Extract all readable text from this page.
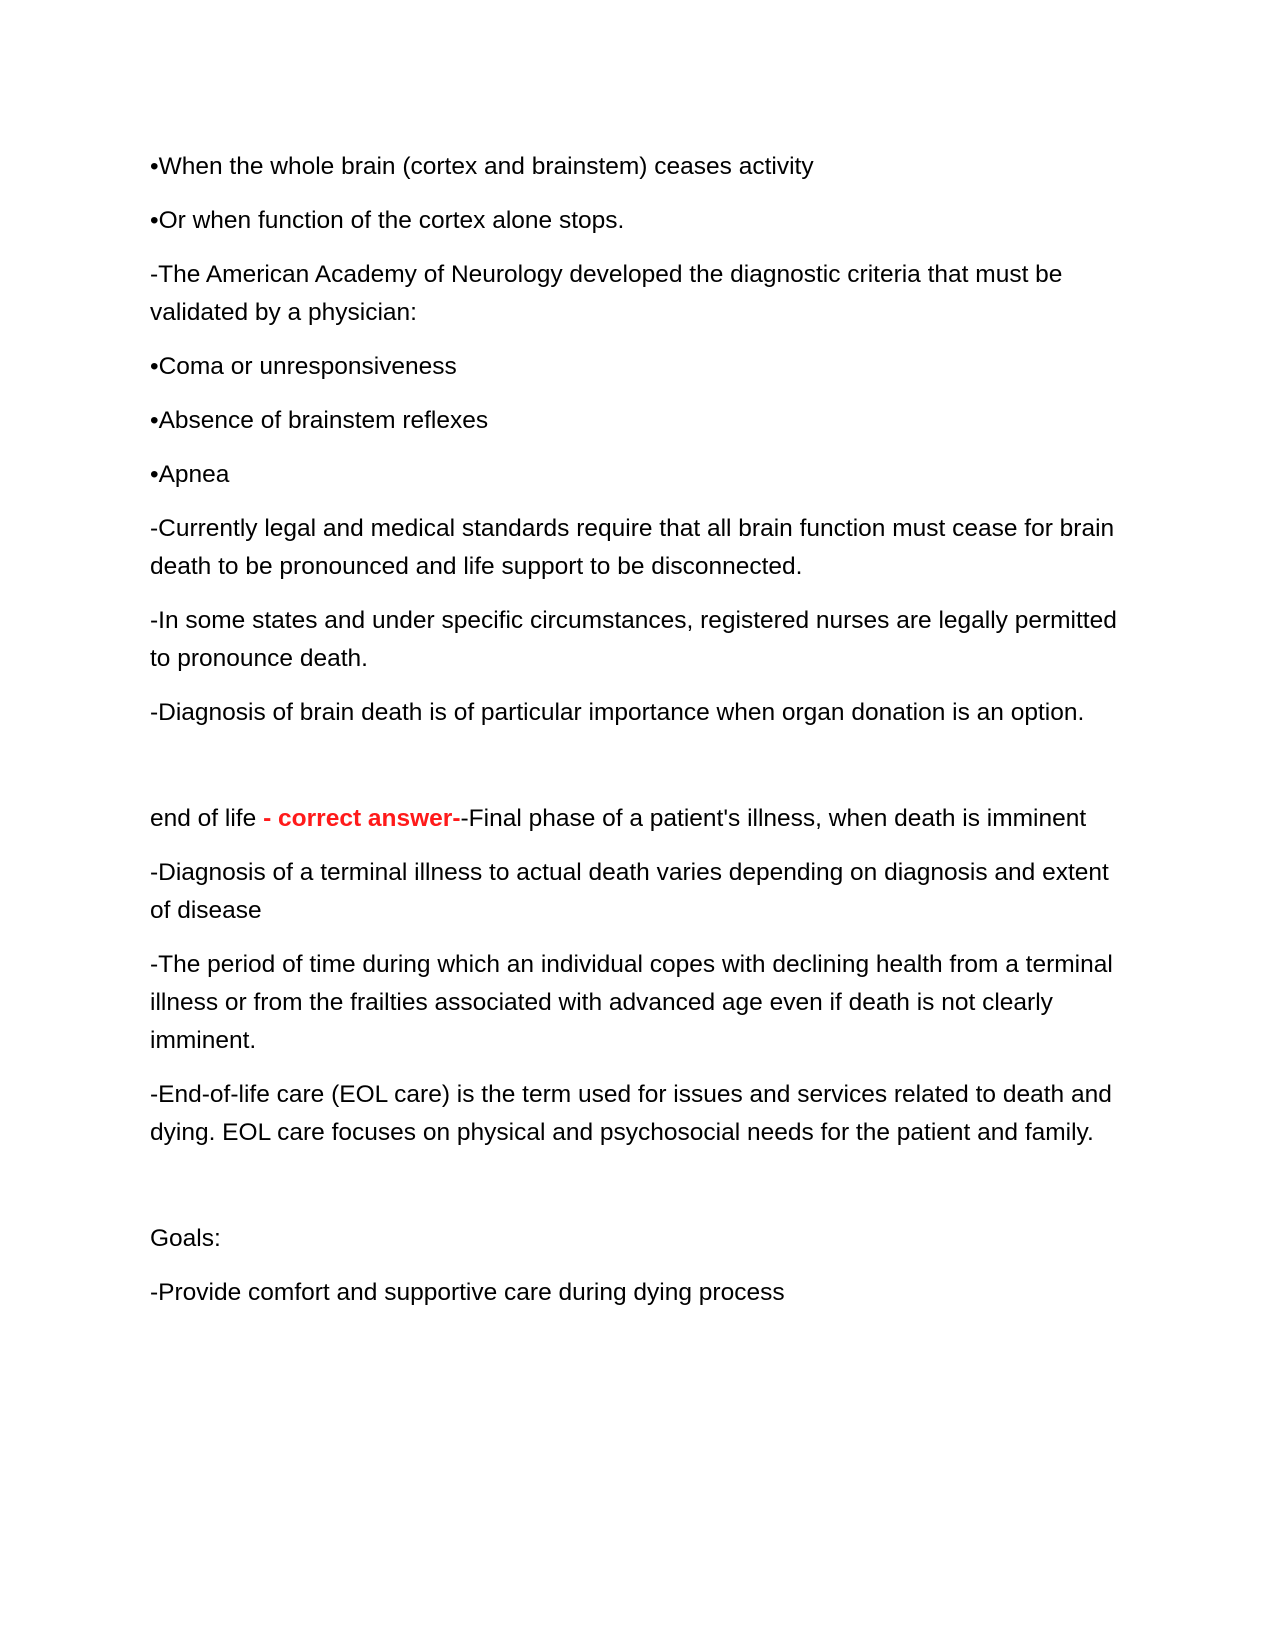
•When the whole brain (cortex and brainstem) ceases activity

•Or when function of the cortex alone stops.

-The American Academy of Neurology developed the diagnostic criteria that must be validated by a physician:

•Coma or unresponsiveness

•Absence of brainstem reflexes

•Apnea

-Currently legal and medical standards require that all brain function must cease for brain death to be pronounced and life support to be disconnected.

-In some states and under specific circumstances, registered nurses are legally permitted to pronounce death.

-Diagnosis of brain death is of particular importance when organ donation is an option.

end of life - correct answer--Final phase of a patient's illness, when death is imminent

-Diagnosis of a terminal illness to actual death varies depending on diagnosis and extent of disease

-The period of time during which an individual copes with declining health from a terminal illness or from the frailties associated with advanced age even if death is not clearly imminent.

-End-of-life care (EOL care) is the term used for issues and services related to death and dying. EOL care focuses on physical and psychosocial needs for the patient and family.

Goals:

-Provide comfort and supportive care during dying process
